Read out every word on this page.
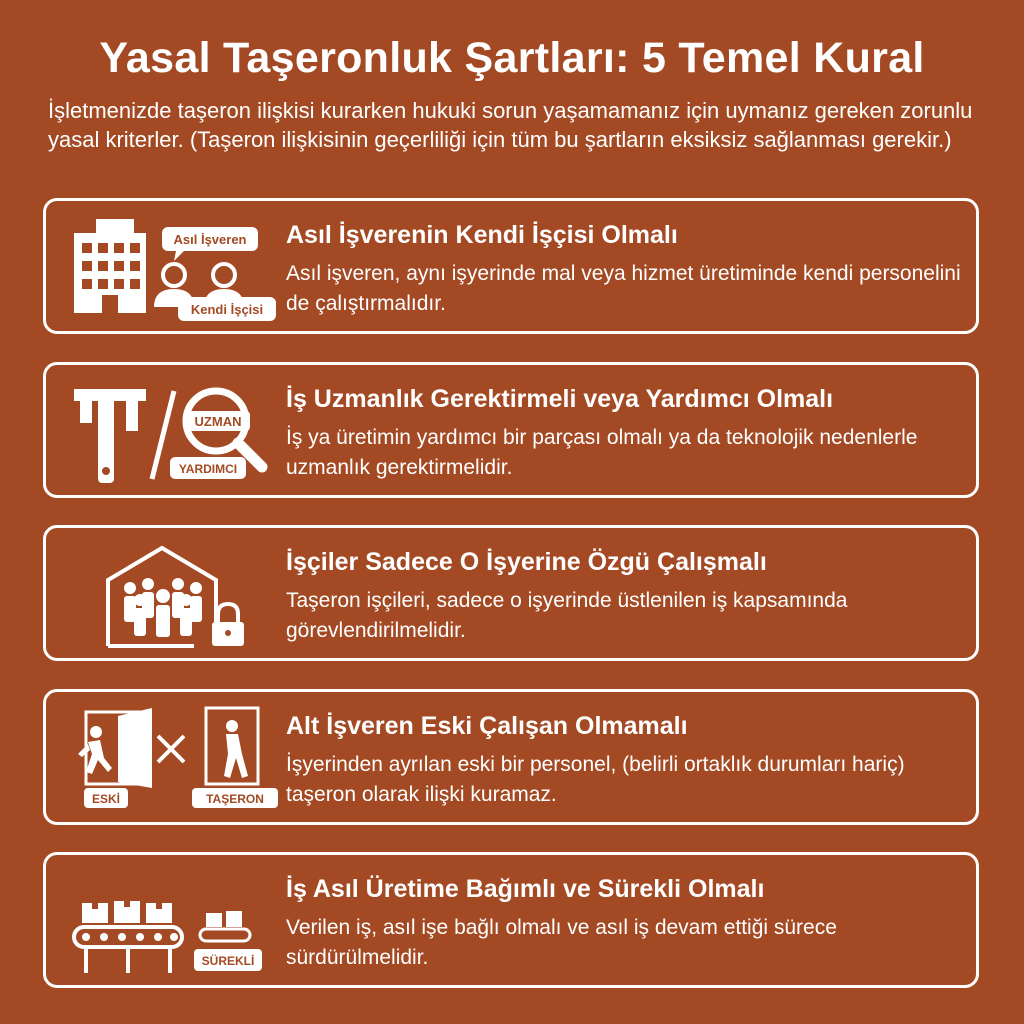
Yasal Taşeronluk Şartları: 5 Temel Kural
İşletmenizde taşeron ilişkisi kurarken hukuki sorun yaşamamanız için uymanız gereken zorunlu yasal kriterler. (Taşeron ilişkisinin geçerliliği için tüm bu şartların eksiksiz sağlanması gerekir.)
Asıl İşveren
Kendi İşçisi
Asıl İşverenin Kendi İşçisi Olmalı
Asıl işveren, aynı işyerinde mal veya hizmet üretiminde kendi personelini de çalıştırmalıdır.
UZMAN
YARDIMCI
İş Uzmanlık Gerektirmeli veya Yardımcı Olmalı
İş ya üretimin yardımcı bir parçası olmalı ya da teknolojik nedenlerle uzmanlık gerektirmelidir.
İşçiler Sadece O İşyerine Özgü Çalışmalı
Taşeron işçileri, sadece o işyerinde üstlenilen iş kapsamında görevlendirilmelidir.
ESKİ	TAŞERON
Alt İşveren Eski Çalışan Olmamalı
İşyerinden ayrılan eski bir personel, (belirli ortaklık durumları hariç) taşeron olarak ilişki kuramaz.
SÜREKLİ
İş Asıl Üretime Bağımlı ve Sürekli Olmalı
Verilen iş, asıl işe bağlı olmalı ve asıl iş devam ettiği sürece sürdürülmelidir.
